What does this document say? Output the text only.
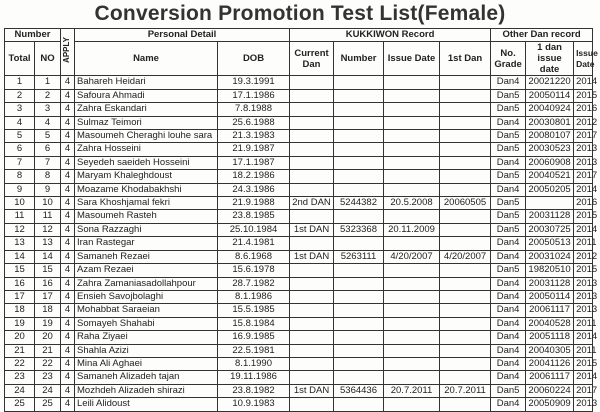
Conversion Promotion Test List(Female)
Number		APPLY	Personal Detail		KUKKIWON Record				Other Dan record		
Total	NO		Name	DOB	Current Dan	Number	Issue Date	1st Dan	No. Grade	1 dan issue date	Issue Date
1	1	4	Bahareh Heidari	19.3.1991					Dan4	20021220	2014
2	2	4	Safoura Ahmadi	17.1.1986					Dan5	20050114	2015
3	3	4	Zahra Eskandari	7.8.1988					Dan5	20040924	2016
4	4	4	Sulmaz Teimori	25.6.1988					Dan4	20030801	2012
5	5	4	Masoumeh Cheraghi louhe sara	21.3.1983					Dan5	20080107	2017
6	6	4	Zahra Hosseini	21.9.1987					Dan5	20030523	2013
7	7	4	Seyedeh saeideh Hosseini	17.1.1987					Dan4	20060908	2013
8	8	4	Maryam Khaleghdoust	18.2.1986					Dan5	20040521	2017
9	9	4	Moazame Khodabakhshi	24.3.1986					Dan4	20050205	2014
10	10	4	Sara Khoshjamal fekri	21.9.1988	2nd DAN	5244382	20.5.2008	20060505	Dan5		2016
11	11	4	Masoumeh Rasteh	23.8.1985					Dan5	20031128	2015
12	12	4	Sona Razzaghi	25.10.1984	1st DAN	5323368	20.11.2009		Dan5	20030725	2014
13	13	4	Iran Rastegar	21.4.1981					Dan4	20050513	2011
14	14	4	Samaneh Rezaei	8.6.1968	1st DAN	5263111	4/20/2007	4/20/2007	Dan4	20031024	2012
15	15	4	Azam Rezaei	15.6.1978					Dan5	19820510	2015
16	16	4	Zahra Zamaniasadollahpour	28.7.1982					Dan4	20031128	2013
17	17	4	Ensieh Savojbolaghi	8.1.1986					Dan4	20050114	2013
18	18	4	Mohabbat Saraeian	15.5.1985					Dan4	20061117	2013
19	19	4	Somayeh Shahabi	15.8.1984					Dan4	20040528	2011
20	20	4	Raha Ziyaei	16.9.1985					Dan4	20051118	2014
21	21	4	Shahla Azizi	22.5.1981					Dan4	20040305	2011
22	22	4	Mina Ali Aghaei	8.1.1990					Dan4	20041126	2015
23	23	4	Samaneh Alizadeh tajan	19.11.1986					Dan4	20061117	2014
24	24	4	Mozhdeh Alizadeh shirazi	23.8.1982	1st DAN	5364436	20.7.2011	20.7.2011	Dan5	20060224	2017
25	25	4	Leili Alidoust	10.9.1983					Dan4	20050909	2013
